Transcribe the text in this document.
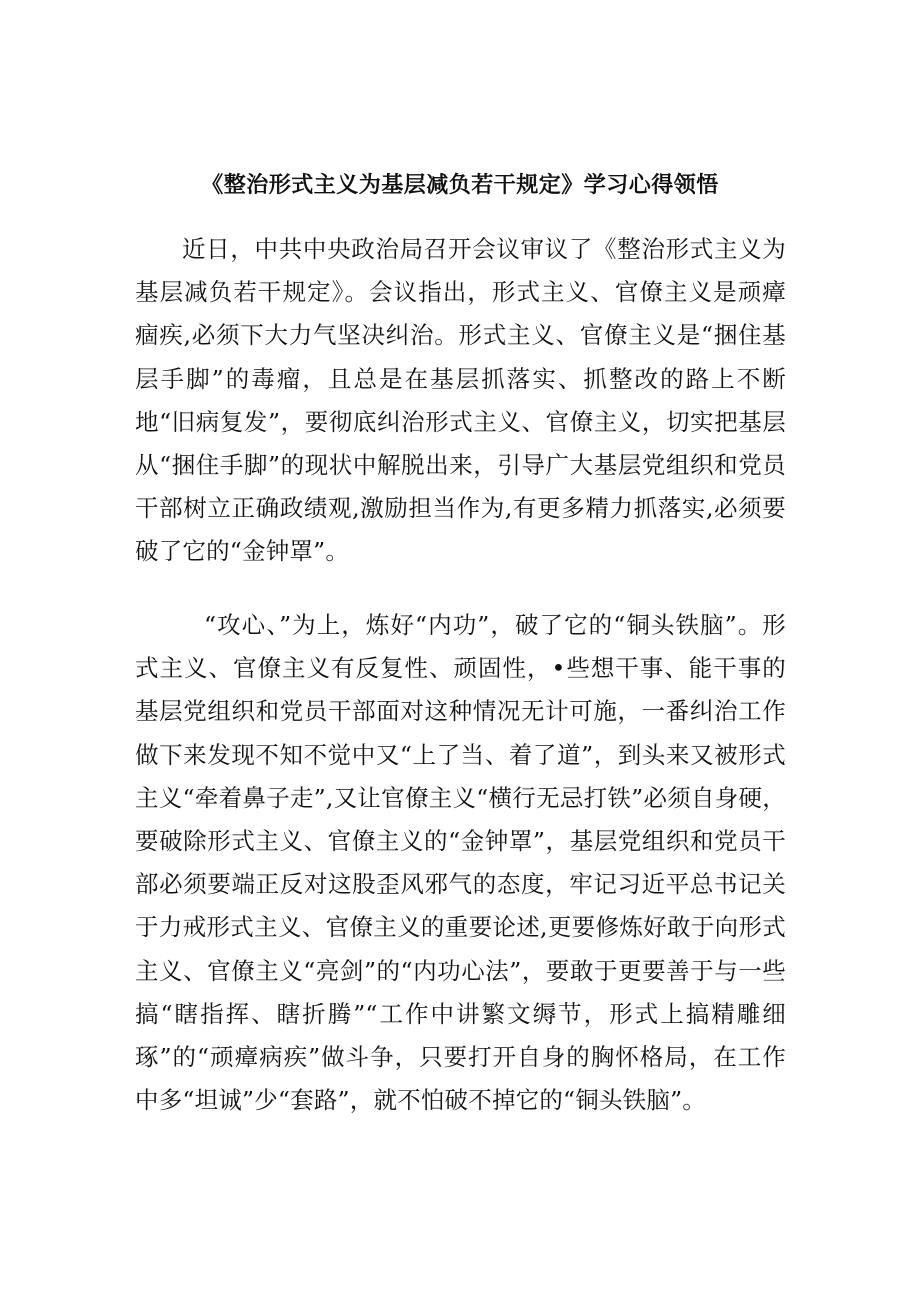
《整治形式主义为基层减负若干规定》学习心得领悟

近日，中共中央政治局召开会议审议了《整治形式主义为基层减负若干规定》。会议指出，形式主义、官僚主义是顽瘴痼疾,必须下大力气坚决纠治。形式主义、官僚主义是“捆住基层手脚”的毒瘤，且总是在基层抓落实、抓整改的路上不断地“旧病复发”，要彻底纠治形式主义、官僚主义，切实把基层从“捆住手脚”的现状中解脱出来，引导广大基层党组织和党员干部树立正确政绩观,激励担当作为,有更多精力抓落实,必须要破了它的“金钟罩”。

“攻心、”为上，炼好“内功”，破了它的“铜头铁脑”。形式主义、官僚主义有反复性、顽固性，•些想干事、能干事的基层党组织和党员干部面对这种情况无计可施，一番纠治工作做下来发现不知不觉中又“上了当、着了道”，到头来又被形式主义“牵着鼻子走”,又让官僚主义“横行无忌打铁”必须自身硬，要破除形式主义、官僚主义的“金钟罩”，基层党组织和党员干部必须要端正反对这股歪风邪气的态度，牢记习近平总书记关于力戒形式主义、官僚主义的重要论述,更要修炼好敢于向形式主义、官僚主义“亮剑”的“内功心法”，要敢于更要善于与一些搞“瞎指挥、瞎折腾”“工作中讲繁文缛节，形式上搞精雕细琢”的“顽瘴病疾”做斗争，只要打开自身的胸怀格局，在工作中多“坦诚”少“套路”，就不怕破不掉它的“铜头铁脑”。
